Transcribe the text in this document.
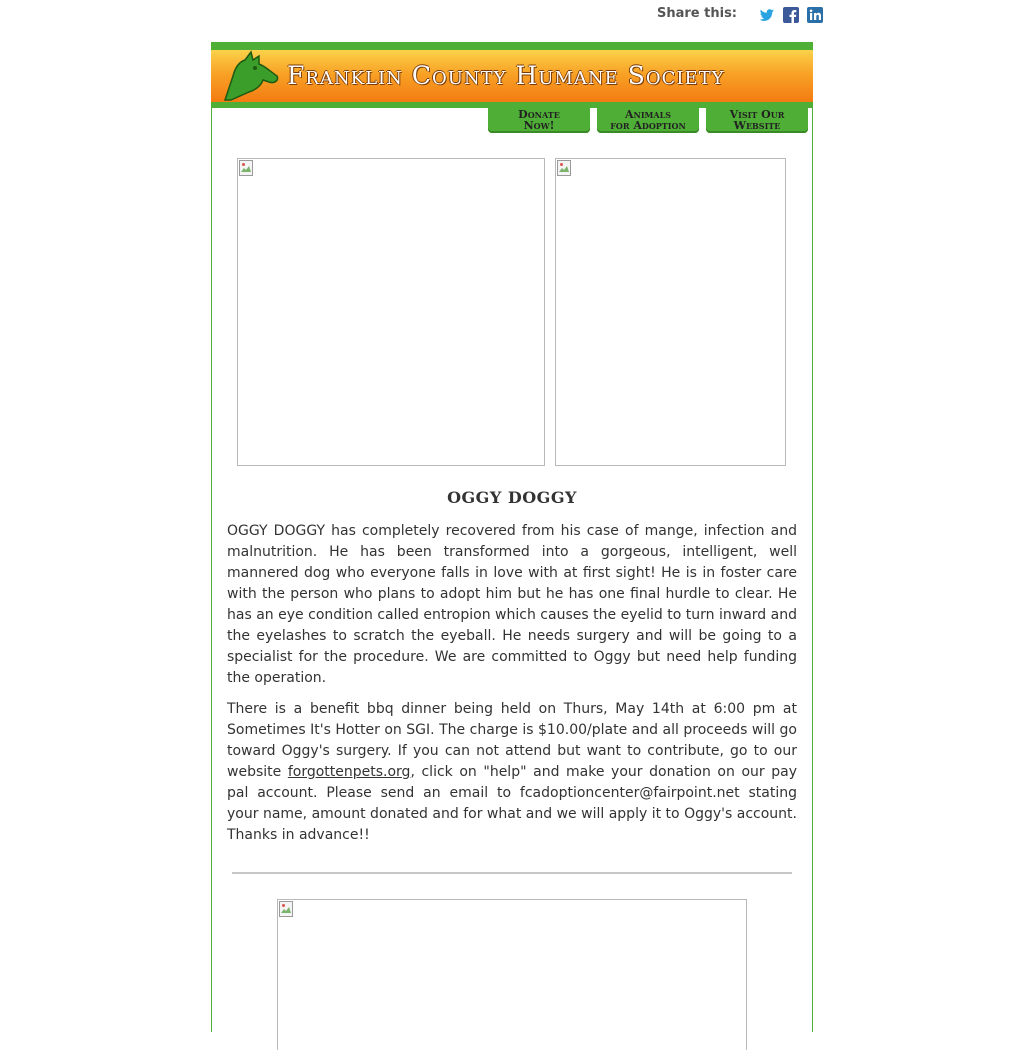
Share this:
Franklin County Humane Society
Donate
Now!
Animals
for Adoption
Visit Our
Website
OGGY DOGGY

OGGY DOGGY has completely recovered from his case of mange, infection and malnutrition. He has been transformed into a gorgeous, intelligent, well mannered dog who everyone falls in love with at first sight! He is in foster care with the person who plans to adopt him but he has one final hurdle to clear. He has an eye condition called entropion which causes the eyelid to turn inward and the eyelashes to scratch the eyeball. He needs surgery and will be going to a specialist for the procedure. We are committed to Oggy but need help funding the operation.

There is a benefit bbq dinner being held on Thurs, May 14th at 6:00 pm at Sometimes It's Hotter on SGI. The charge is $10.00/plate and all proceeds will go toward Oggy's surgery. If you can not attend but want to contribute, go to our website forgottenpets.org, click on "help" and make your donation on our pay pal account. Please send an email to fcadoptioncenter@fairpoint.net stating your name, amount donated and for what and we will apply it to Oggy's account. Thanks in advance!!
